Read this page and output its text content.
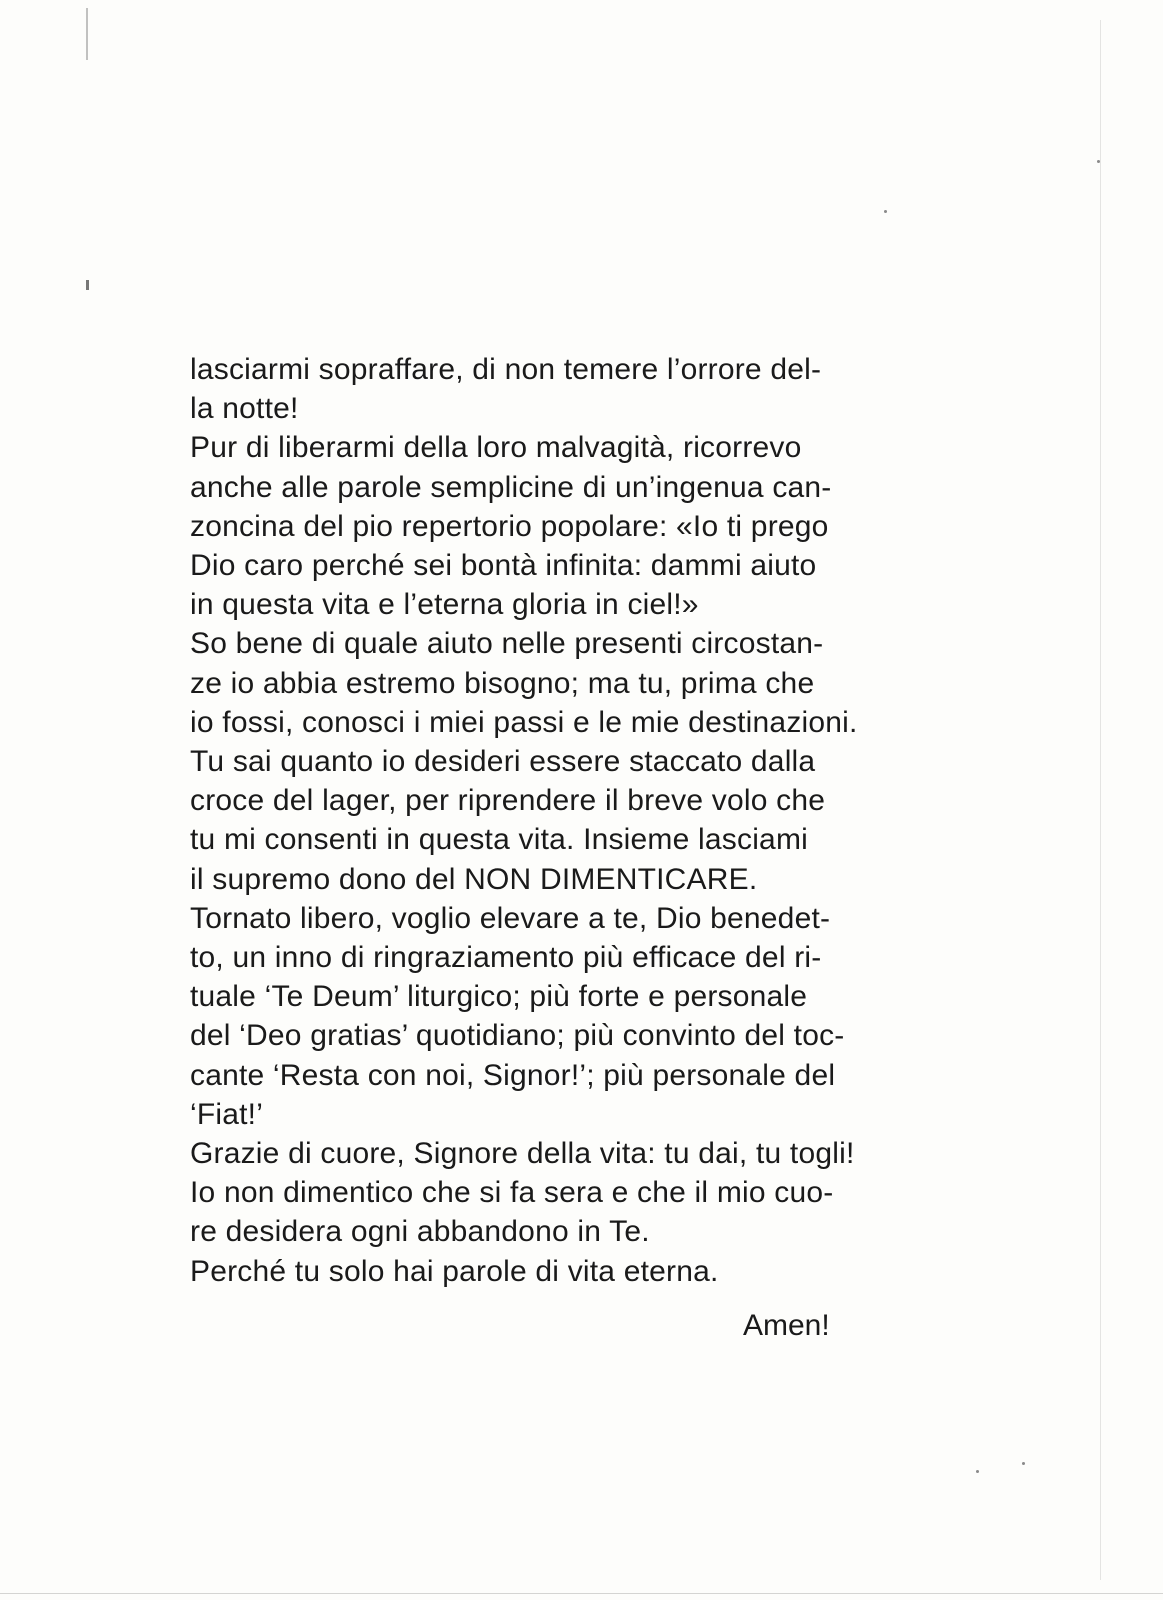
lasciarmi sopraffare, di non temere l’orrore del-
la notte!
Pur di liberarmi della loro malvagità, ricorrevo
anche alle parole semplicine di un’ingenua can-
zoncina del pio repertorio popolare: «Io ti prego
Dio caro perché sei bontà infinita: dammi aiuto
in questa vita e l’eterna gloria in ciel!»
So bene di quale aiuto nelle presenti circostan-
ze io abbia estremo bisogno; ma tu, prima che
io fossi, conosci i miei passi e le mie destinazioni.
Tu sai quanto io desideri essere staccato dalla
croce del lager, per riprendere il breve volo che
tu mi consenti in questa vita. Insieme lasciami
il supremo dono del NON DIMENTICARE.
Tornato libero, voglio elevare a te, Dio benedet-
to, un inno di ringraziamento più efficace del ri-
tuale ‘Te Deum’ liturgico; più forte e personale
del ‘Deo gratias’ quotidiano; più convinto del toc-
cante ‘Resta con noi, Signor!’; più personale del
‘Fiat!’
Grazie di cuore, Signore della vita: tu dai, tu togli!
Io non dimentico che si fa sera e che il mio cuo-
re desidera ogni abbandono in Te.
Perché tu solo hai parole di vita eterna.
Amen!
